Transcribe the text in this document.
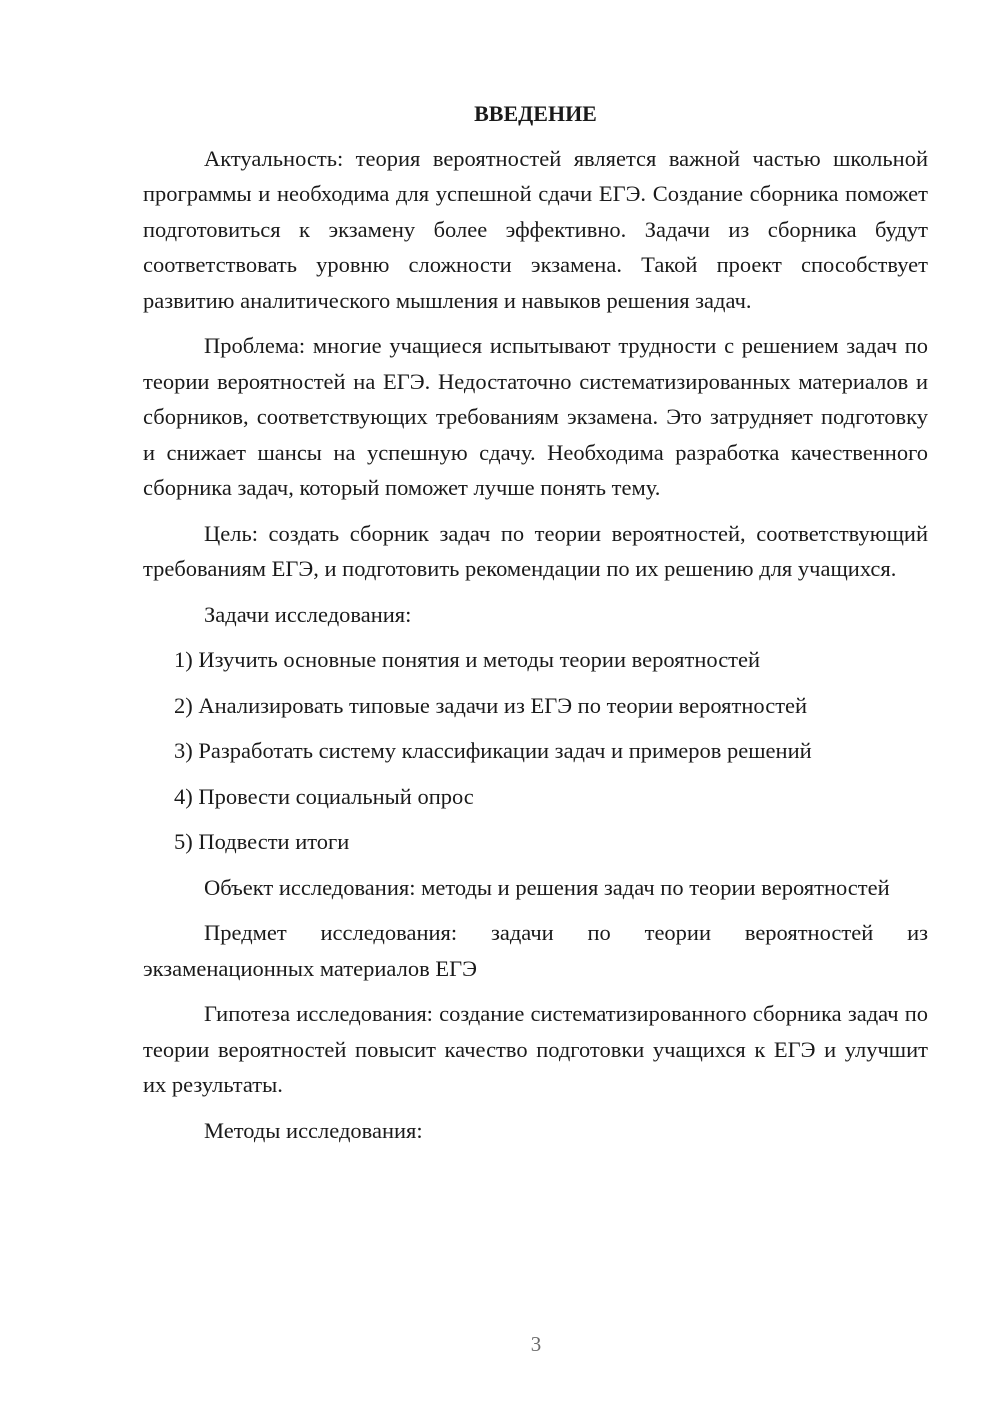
ВВЕДЕНИЕ

Актуальность: теория вероятностей является важной частью школьной программы и необходима для успешной сдачи ЕГЭ. Создание сборника поможет подготовиться к экзамену более эффективно. Задачи из сборника будут соответствовать уровню сложности экзамена. Такой проект способствует развитию аналитического мышления и навыков решения задач.

Проблема: многие учащиеся испытывают трудности с решением задач по теории вероятностей на ЕГЭ. Недостаточно систематизированных материалов и сборников, соответствующих требованиям экзамена. Это затрудняет подготовку и снижает шансы на успешную сдачу. Необходима разработка качественного сборника задач, который поможет лучше понять тему.

Цель: создать сборник задач по теории вероятностей, соответствующий требованиям ЕГЭ, и подготовить рекомендации по их решению для учащихся.

Задачи исследования:

1) Изучить основные понятия и методы теории вероятностей
2) Анализировать типовые задачи из ЕГЭ по теории вероятностей
3) Разработать систему классификации задач и примеров решений
4) Провести социальный опрос
5) Подвести итоги

Объект исследования: методы и решения задач по теории вероятностей

Предмет исследования: задачи по теории вероятностей из экзаменационных материалов ЕГЭ

Гипотеза исследования: создание систематизированного сборника задач по теории вероятностей повысит качество подготовки учащихся к ЕГЭ и улучшит их результаты.

Методы исследования:

3
